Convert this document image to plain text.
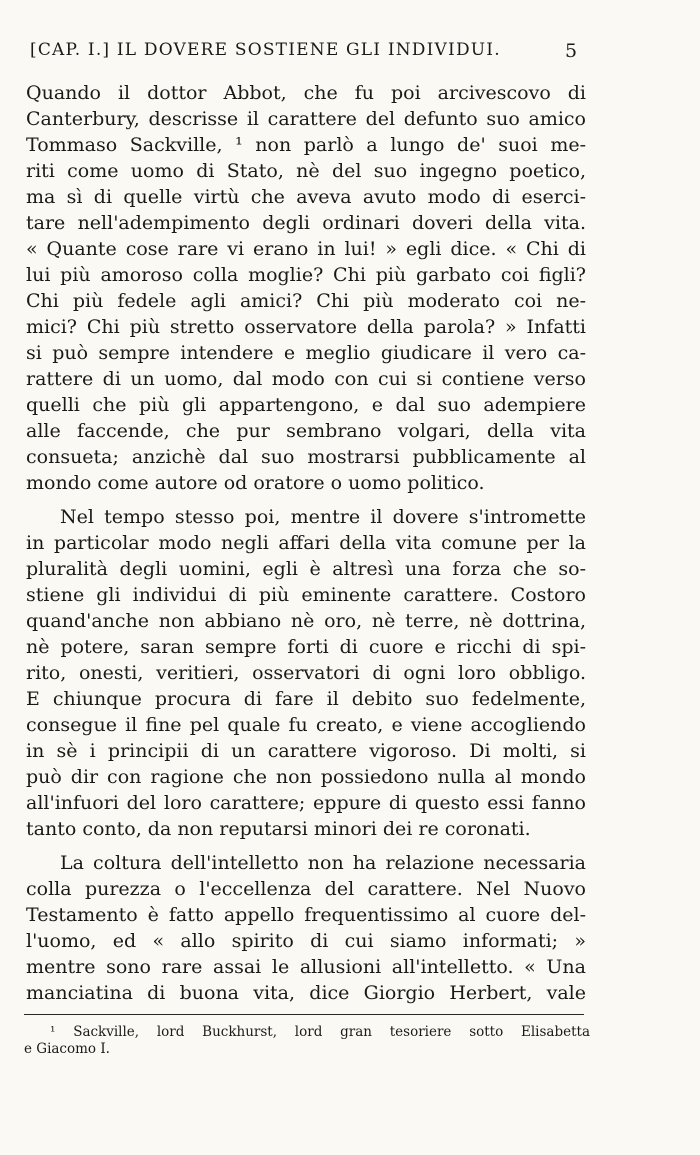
[CAP. I.] IL DOVERE SOSTIENE GLI INDIVIDUI.	5
Quando il dottor Abbot, che fu poi arcivescovo di
Canterbury, descrisse il carattere del defunto suo amico
Tommaso Sackville, ¹ non parlò a lungo de' suoi me-
riti come uomo di Stato, nè del suo ingegno poetico,
ma sì di quelle virtù che aveva avuto modo di eserci-
tare nell'adempimento degli ordinari doveri della vita.
« Quante cose rare vi erano in lui! » egli dice. « Chi di
lui più amoroso colla moglie? Chi più garbato coi figli?
Chi più fedele agli amici? Chi più moderato coi ne-
mici? Chi più stretto osservatore della parola? » Infatti
si può sempre intendere e meglio giudicare il vero ca-
rattere di un uomo, dal modo con cui si contiene verso
quelli che più gli appartengono, e dal suo adempiere
alle faccende, che pur sembrano volgari, della vita
consueta; anzichè dal suo mostrarsi pubblicamente al
mondo come autore od oratore o uomo politico.
Nel tempo stesso poi, mentre il dovere s'intromette
in particolar modo negli affari della vita comune per la
pluralità degli uomini, egli è altresì una forza che so-
stiene gli individui di più eminente carattere. Costoro
quand'anche non abbiano nè oro, nè terre, nè dottrina,
nè potere, saran sempre forti di cuore e ricchi di spi-
rito, onesti, veritieri, osservatori di ogni loro obbligo.
E chiunque procura di fare il debito suo fedelmente,
consegue il fine pel quale fu creato, e viene accogliendo
in sè i principii di un carattere vigoroso. Di molti, si
può dir con ragione che non possiedono nulla al mondo
all'infuori del loro carattere; eppure di questo essi fanno
tanto conto, da non reputarsi minori dei re coronati.
La coltura dell'intelletto non ha relazione necessaria
colla purezza o l'eccellenza del carattere. Nel Nuovo
Testamento è fatto appello frequentissimo al cuore del-
l'uomo, ed « allo spirito di cui siamo informati; »
mentre sono rare assai le allusioni all'intelletto. « Una
manciatina di buona vita, dice Giorgio Herbert, vale
¹ Sackville, lord Buckhurst, lord gran tesoriere sotto Elisabetta
e Giacomo I.
